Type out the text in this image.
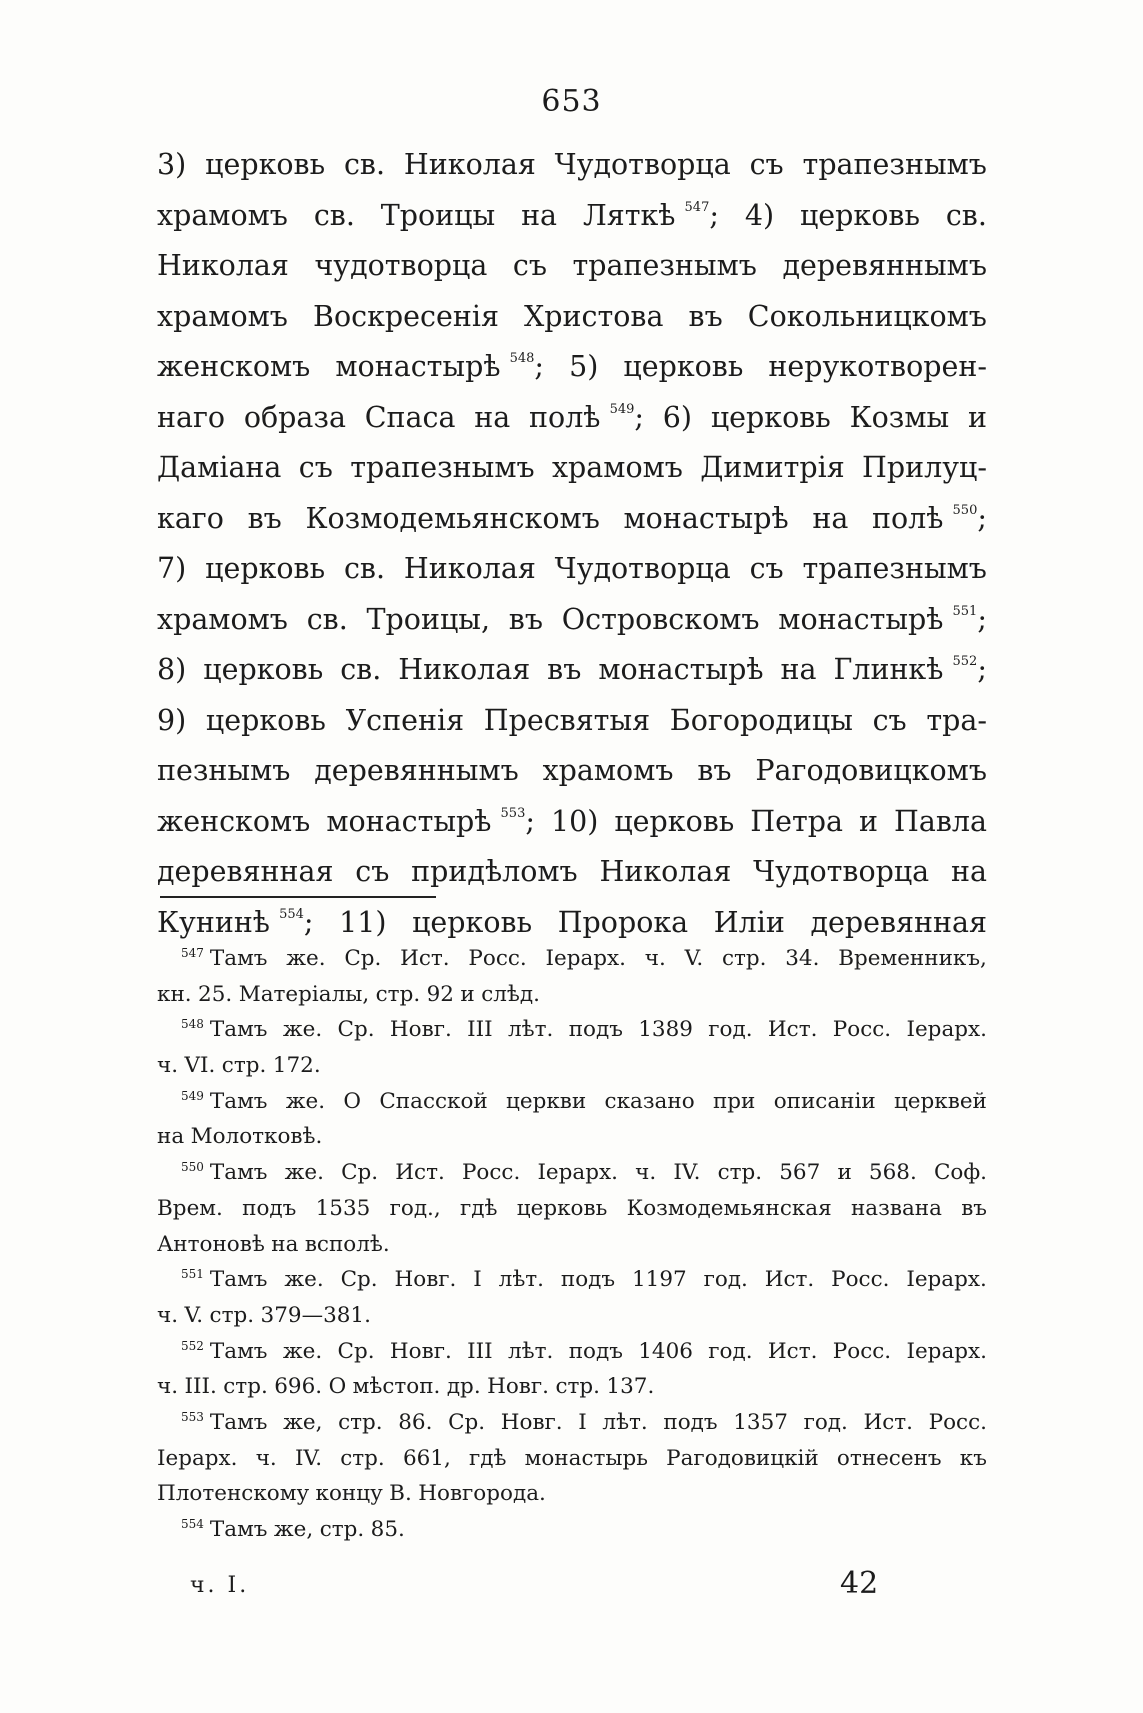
653
3) церковь св. Николая Чудотворца съ трапезнымъ
храмомъ св. Троицы на Ляткѣ $^{547}$; 4) церковь св.
Николая чудотворца съ трапезнымъ деревяннымъ
храмомъ Воскресенія Христова въ Сокольницкомъ
женскомъ монастырѣ $^{548}$; 5) церковь нерукотворен-
наго образа Спаса на полѣ $^{549}$; 6) церковь Козмы и
Даміана съ трапезнымъ храмомъ Димитрія Прилуц-
каго въ Козмодемьянскомъ монастырѣ на полѣ $^{550}$;
7) церковь св. Николая Чудотворца съ трапезнымъ
храмомъ св. Троицы, въ Островскомъ монастырѣ $^{551}$;
8) церковь св. Николая въ монастырѣ на Глинкѣ $^{552}$;
9) церковь Успенія Пресвятыя Богородицы съ тра-
пезнымъ деревяннымъ храмомъ въ Рагодовицкомъ
женскомъ монастырѣ $^{553}$; 10) церковь Петра и Павла
деревянная съ придѣломъ Николая Чудотворца на
Кунинѣ $^{554}$; 11) церковь Пророка Иліи деревянная
$^{547}$ Тамъ же. Ср. Ист. Росс. Іерарх. ч. V. стр. 34. Временникъ,
кн. 25. Матеріалы, стр. 92 и слѣд.
$^{548}$ Тамъ же. Ср. Новг. III лѣт. подъ 1389 год. Ист. Росс. Іерарх.
ч. VI. стр. 172.
$^{549}$ Тамъ же. О Спасской церкви сказано при описаніи церквей
на Молотковѣ.
$^{550}$ Тамъ же. Ср. Ист. Росс. Іерарх. ч. IV. стр. 567 и 568. Соф.
Врем. подъ 1535 год., гдѣ церковь Козмодемьянская названа въ
Антоновѣ на всполѣ.
$^{551}$ Тамъ же. Ср. Новг. I лѣт. подъ 1197 год. Ист. Росс. Іерарх.
ч. V. стр. 379—381.
$^{552}$ Тамъ же. Ср. Новг. III лѣт. подъ 1406 год. Ист. Росс. Іерарх.
ч. III. стр. 696. О мѣстоп. др. Новг. стр. 137.
$^{553}$ Тамъ же, стр. 86. Ср. Новг. I лѣт. подъ 1357 год. Ист. Росс.
Іерарх. ч. IV. стр. 661, гдѣ монастырь Рагодовицкій отнесенъ къ
Плотенскому концу В. Новгорода.
$^{554}$ Тамъ же, стр. 85.
ч. I.	42
